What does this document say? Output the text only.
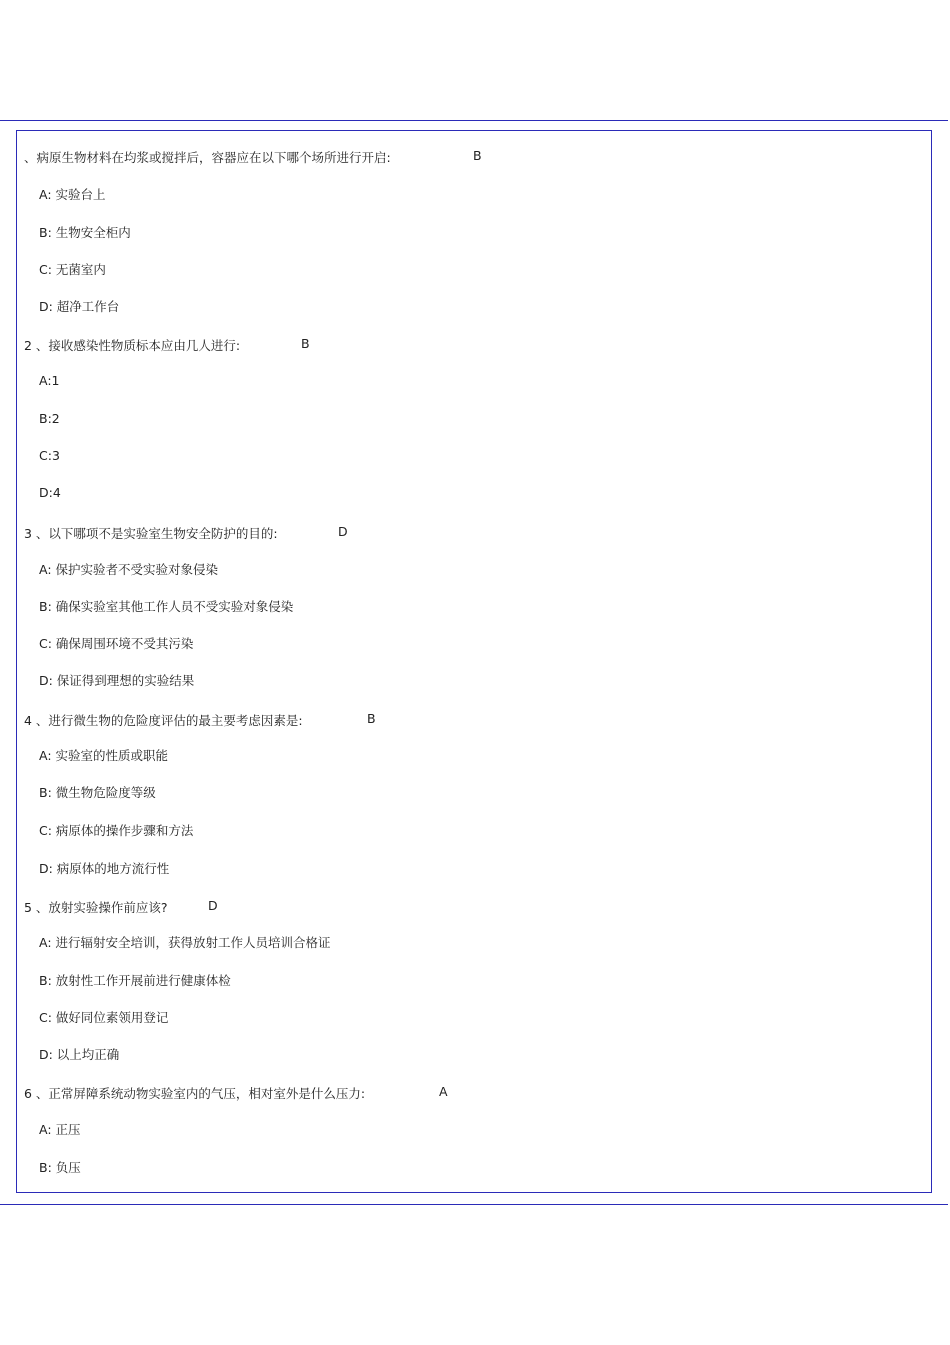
、病原生物材料在均浆或搅拌后，容器应在以下哪个场所进行开启:	B
A: 实验台上
B: 生物安全柜内
C: 无菌室内
D: 超净工作台
2 、接收感染性物质标本应由几人进行:	B
A:1
B:2
C:3
D:4
3 、以下哪项不是实验室生物安全防护的目的:	D
A: 保护实验者不受实验对象侵染
B: 确保实验室其他工作人员不受实验对象侵染
C: 确保周围环境不受其污染
D: 保证得到理想的实验结果
4 、进行微生物的危险度评估的最主要考虑因素是:	B
A: 实验室的性质或职能
B: 微生物危险度等级
C: 病原体的操作步骤和方法
D: 病原体的地方流行性
5 、放射实验操作前应该?	D
A: 进行辐射安全培训，获得放射工作人员培训合格证
B: 放射性工作开展前进行健康体检
C: 做好同位素领用登记
D: 以上均正确
6 、正常屏障系统动物实验室内的气压，相对室外是什么压力:	A
A: 正压
B: 负压
